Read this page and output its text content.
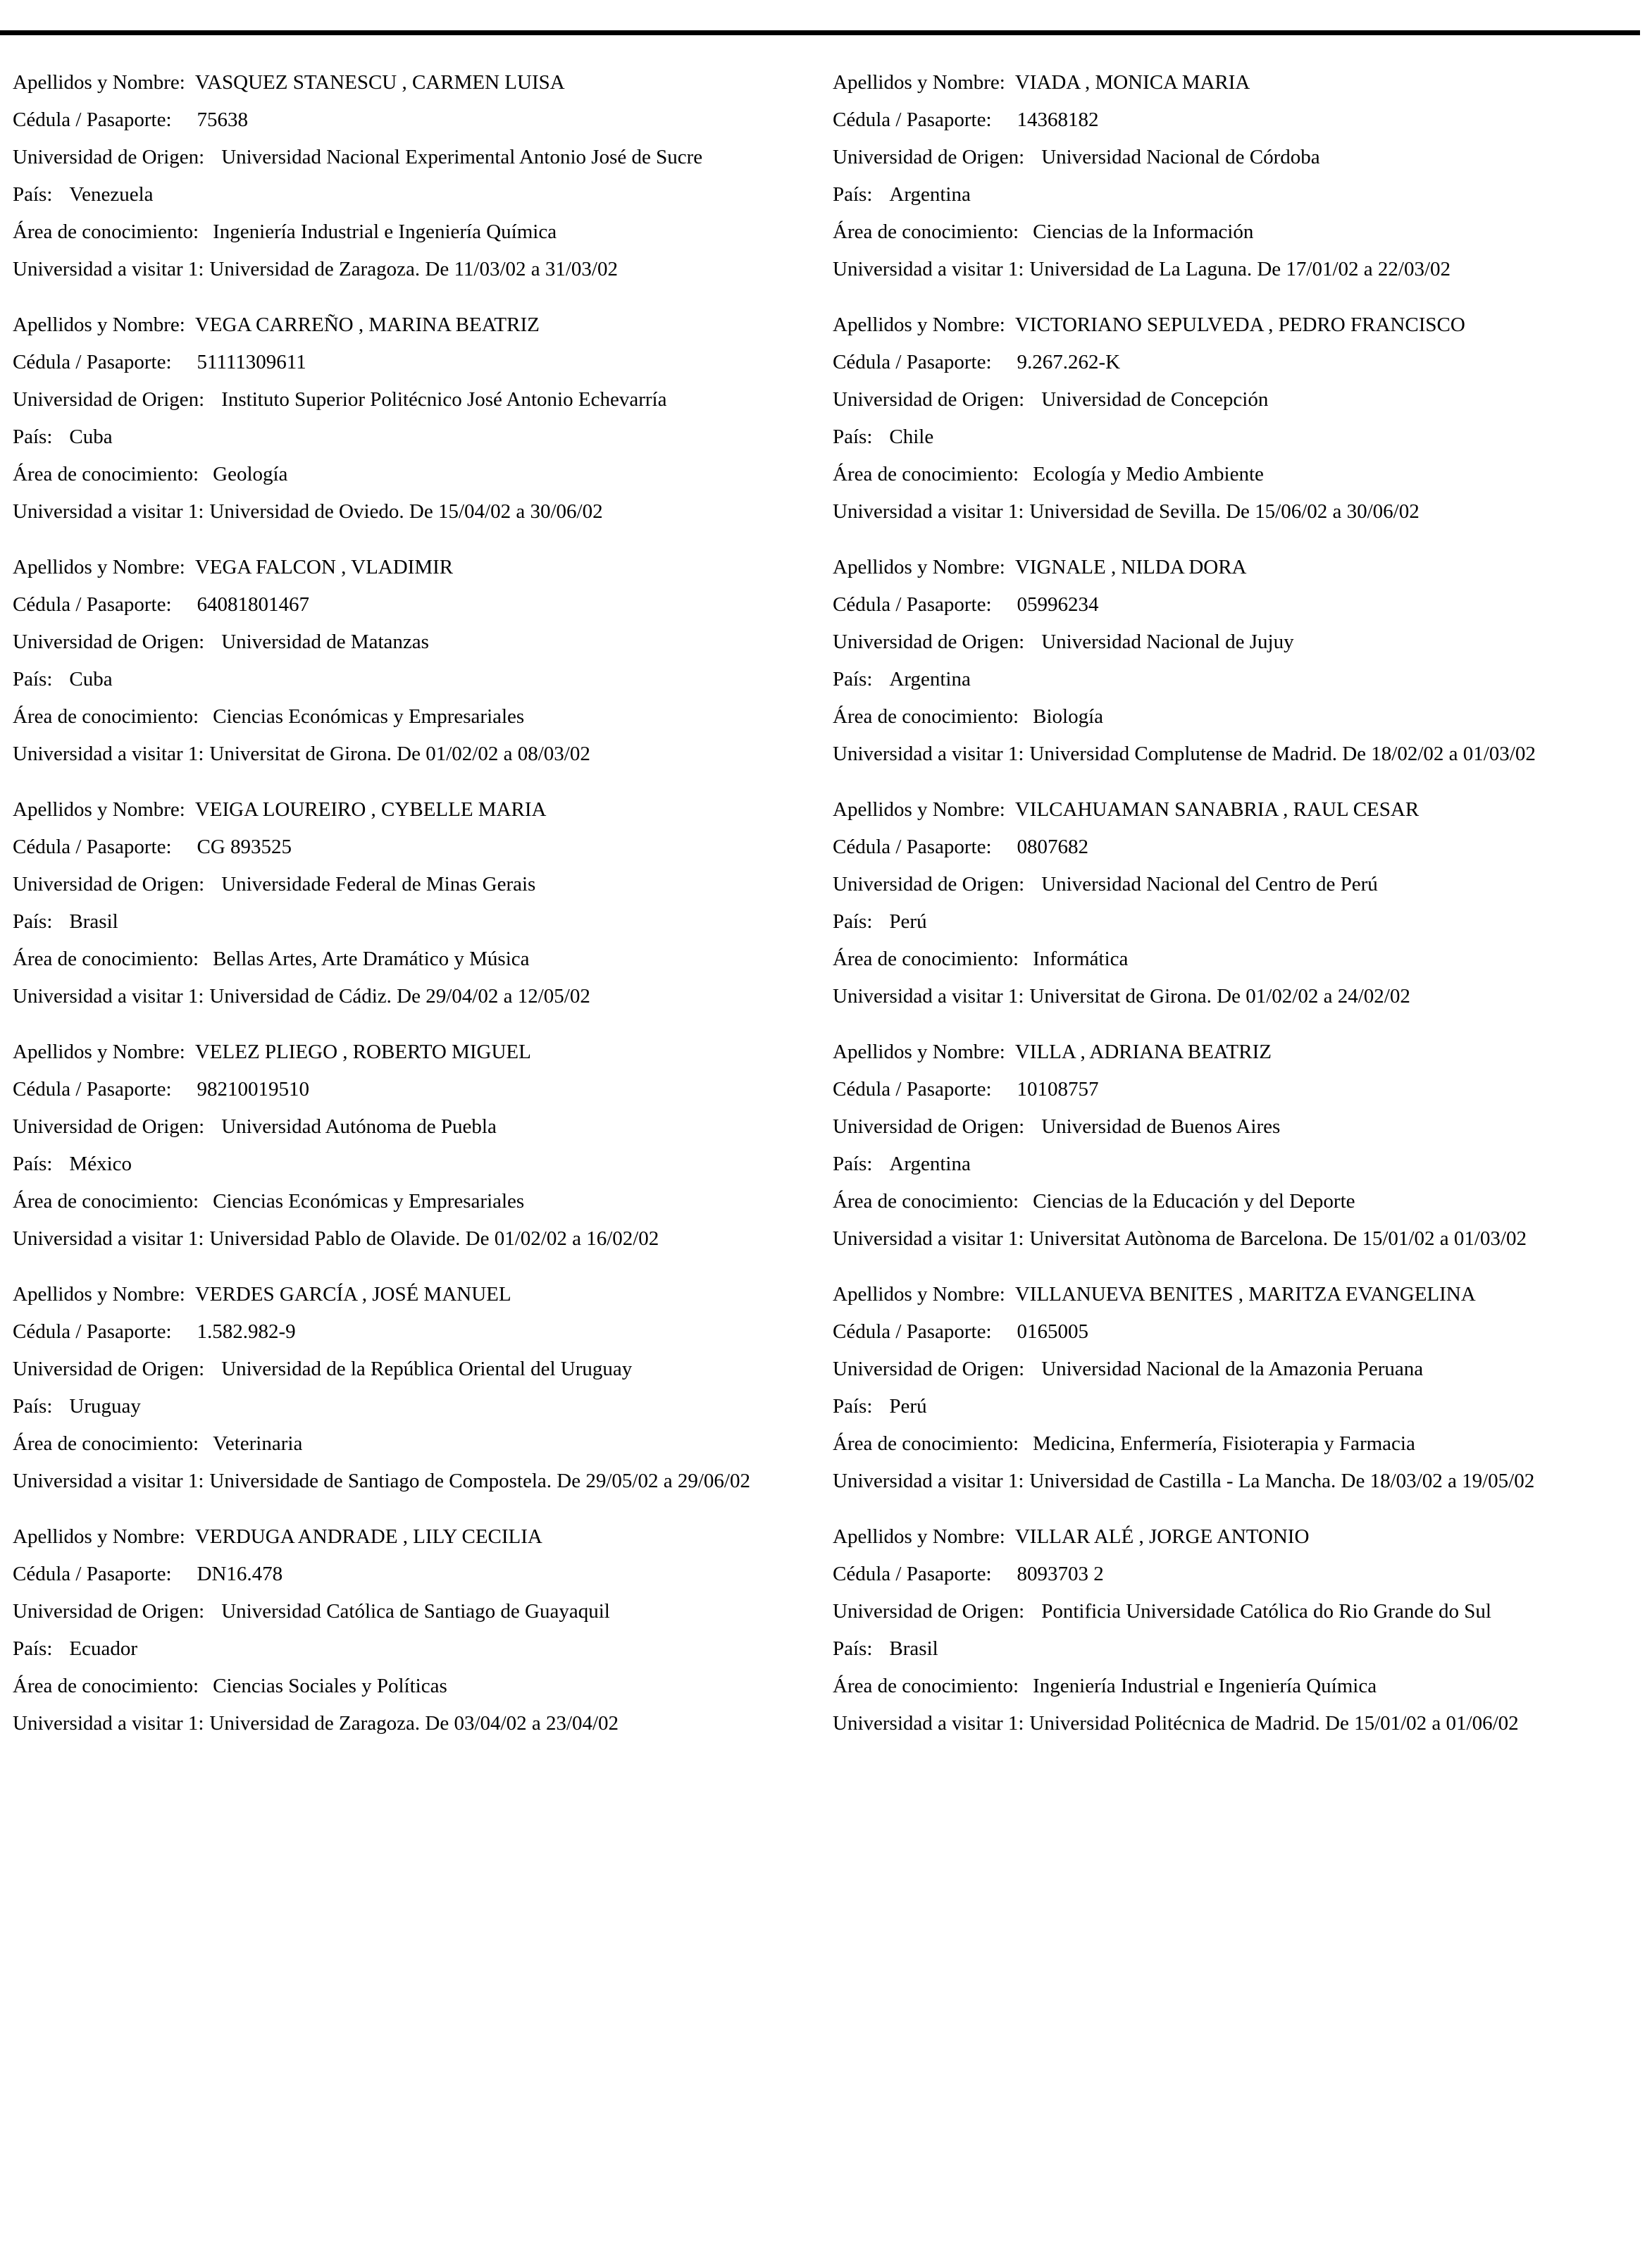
Apellidos y Nombre: VASQUEZ STANESCU , CARMEN LUISA
Cédula / Pasaporte: 75638
Universidad de Origen: Universidad Nacional Experimental Antonio José de Sucre
País: Venezuela
Área de conocimiento: Ingeniería Industrial e Ingeniería Química
Universidad a visitar 1: Universidad de Zaragoza. De 11/03/02 a 31/03/02
Apellidos y Nombre: VEGA CARREÑO , MARINA BEATRIZ
Cédula / Pasaporte: 51111309611
Universidad de Origen: Instituto Superior Politécnico José Antonio Echevarría
País: Cuba
Área de conocimiento: Geología
Universidad a visitar 1: Universidad de Oviedo. De 15/04/02 a 30/06/02
Apellidos y Nombre: VEGA FALCON , VLADIMIR
Cédula / Pasaporte: 64081801467
Universidad de Origen: Universidad de Matanzas
País: Cuba
Área de conocimiento: Ciencias Económicas y Empresariales
Universidad a visitar 1: Universitat de Girona. De 01/02/02 a 08/03/02
Apellidos y Nombre: VEIGA LOUREIRO , CYBELLE MARIA
Cédula / Pasaporte: CG 893525
Universidad de Origen: Universidade Federal de Minas Gerais
País: Brasil
Área de conocimiento: Bellas Artes, Arte Dramático y Música
Universidad a visitar 1: Universidad de Cádiz. De 29/04/02 a 12/05/02
Apellidos y Nombre: VELEZ PLIEGO , ROBERTO MIGUEL
Cédula / Pasaporte: 98210019510
Universidad de Origen: Universidad Autónoma de Puebla
País: México
Área de conocimiento: Ciencias Económicas y Empresariales
Universidad a visitar 1: Universidad Pablo de Olavide. De 01/02/02 a 16/02/02
Apellidos y Nombre: VERDES GARCÍA , JOSÉ MANUEL
Cédula / Pasaporte: 1.582.982-9
Universidad de Origen: Universidad de la República Oriental del Uruguay
País: Uruguay
Área de conocimiento: Veterinaria
Universidad a visitar 1: Universidade de Santiago de Compostela. De 29/05/02 a 29/06/02
Apellidos y Nombre: VERDUGA ANDRADE , LILY CECILIA
Cédula / Pasaporte: DN16.478
Universidad de Origen: Universidad Católica de Santiago de Guayaquil
País: Ecuador
Área de conocimiento: Ciencias Sociales y Políticas
Universidad a visitar 1: Universidad de Zaragoza. De 03/04/02 a 23/04/02
Apellidos y Nombre: VIADA , MONICA MARIA
Cédula / Pasaporte: 14368182
Universidad de Origen: Universidad Nacional de Córdoba
País: Argentina
Área de conocimiento: Ciencias de la Información
Universidad a visitar 1: Universidad de La Laguna. De 17/01/02 a 22/03/02
Apellidos y Nombre: VICTORIANO SEPULVEDA , PEDRO FRANCISCO
Cédula / Pasaporte: 9.267.262-K
Universidad de Origen: Universidad de Concepción
País: Chile
Área de conocimiento: Ecología y Medio Ambiente
Universidad a visitar 1: Universidad de Sevilla. De 15/06/02 a 30/06/02
Apellidos y Nombre: VIGNALE , NILDA DORA
Cédula / Pasaporte: 05996234
Universidad de Origen: Universidad Nacional de Jujuy
País: Argentina
Área de conocimiento: Biología
Universidad a visitar 1: Universidad Complutense de Madrid. De 18/02/02 a 01/03/02
Apellidos y Nombre: VILCAHUAMAN SANABRIA , RAUL CESAR
Cédula / Pasaporte: 0807682
Universidad de Origen: Universidad Nacional del Centro de Perú
País: Perú
Área de conocimiento: Informática
Universidad a visitar 1: Universitat de Girona. De 01/02/02 a 24/02/02
Apellidos y Nombre: VILLA , ADRIANA BEATRIZ
Cédula / Pasaporte: 10108757
Universidad de Origen: Universidad de Buenos Aires
País: Argentina
Área de conocimiento: Ciencias de la Educación y del Deporte
Universidad a visitar 1: Universitat Autònoma de Barcelona. De 15/01/02 a 01/03/02
Apellidos y Nombre: VILLANUEVA BENITES , MARITZA EVANGELINA
Cédula / Pasaporte: 0165005
Universidad de Origen: Universidad Nacional de la Amazonia Peruana
País: Perú
Área de conocimiento: Medicina, Enfermería, Fisioterapia y Farmacia
Universidad a visitar 1: Universidad de Castilla - La Mancha. De 18/03/02 a 19/05/02
Apellidos y Nombre: VILLAR ALÉ , JORGE ANTONIO
Cédula / Pasaporte: 8093703 2
Universidad de Origen: Pontificia Universidade Católica do Rio Grande do Sul
País: Brasil
Área de conocimiento: Ingeniería Industrial e Ingeniería Química
Universidad a visitar 1: Universidad Politécnica de Madrid. De 15/01/02 a 01/06/02
